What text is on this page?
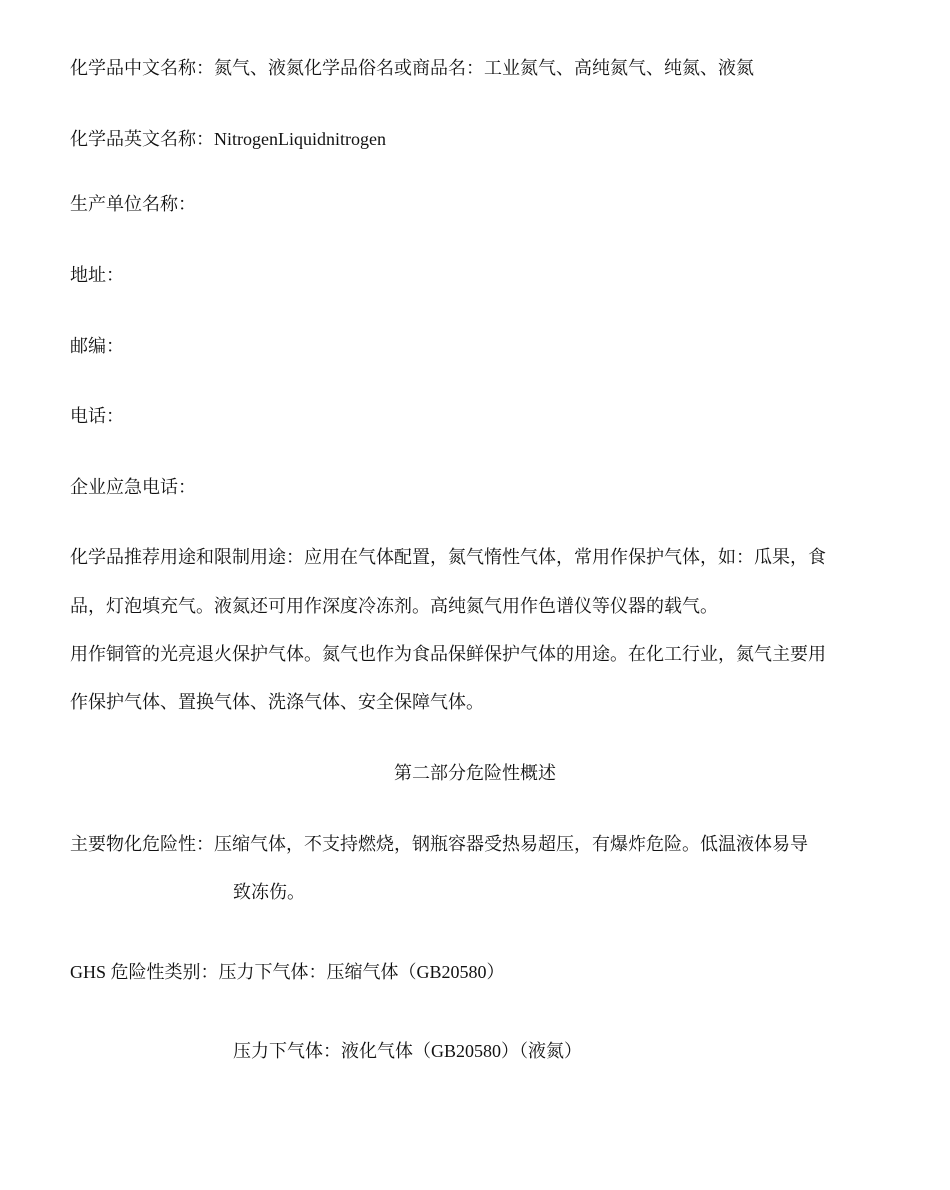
化学品中文名称：氮气、液氮化学品俗名或商品名：工业氮气、高纯氮气、纯氮、液氮
化学品英文名称：NitrogenLiquidnitrogen
生产单位名称：
地址：
邮编：
电话：
企业应急电话：
化学品推荐用途和限制用途：应用在气体配置，氮气惰性气体，常用作保护气体，如：瓜果，食
品，灯泡填充气。液氮还可用作深度冷冻剂。高纯氮气用作色谱仪等仪器的载气。
用作铜管的光亮退火保护气体。氮气也作为食品保鲜保护气体的用途。在化工行业，氮气主要用
作保护气体、置换气体、洗涤气体、安全保障气体。
第二部分危险性概述
主要物化危险性：压缩气体，不支持燃烧，钢瓶容器受热易超压，有爆炸危险。低温液体易导
致冻伤。
GHS 危险性类别：压力下气体：压缩气体（GB20580）
压力下气体：液化气体（GB20580）（液氮）
